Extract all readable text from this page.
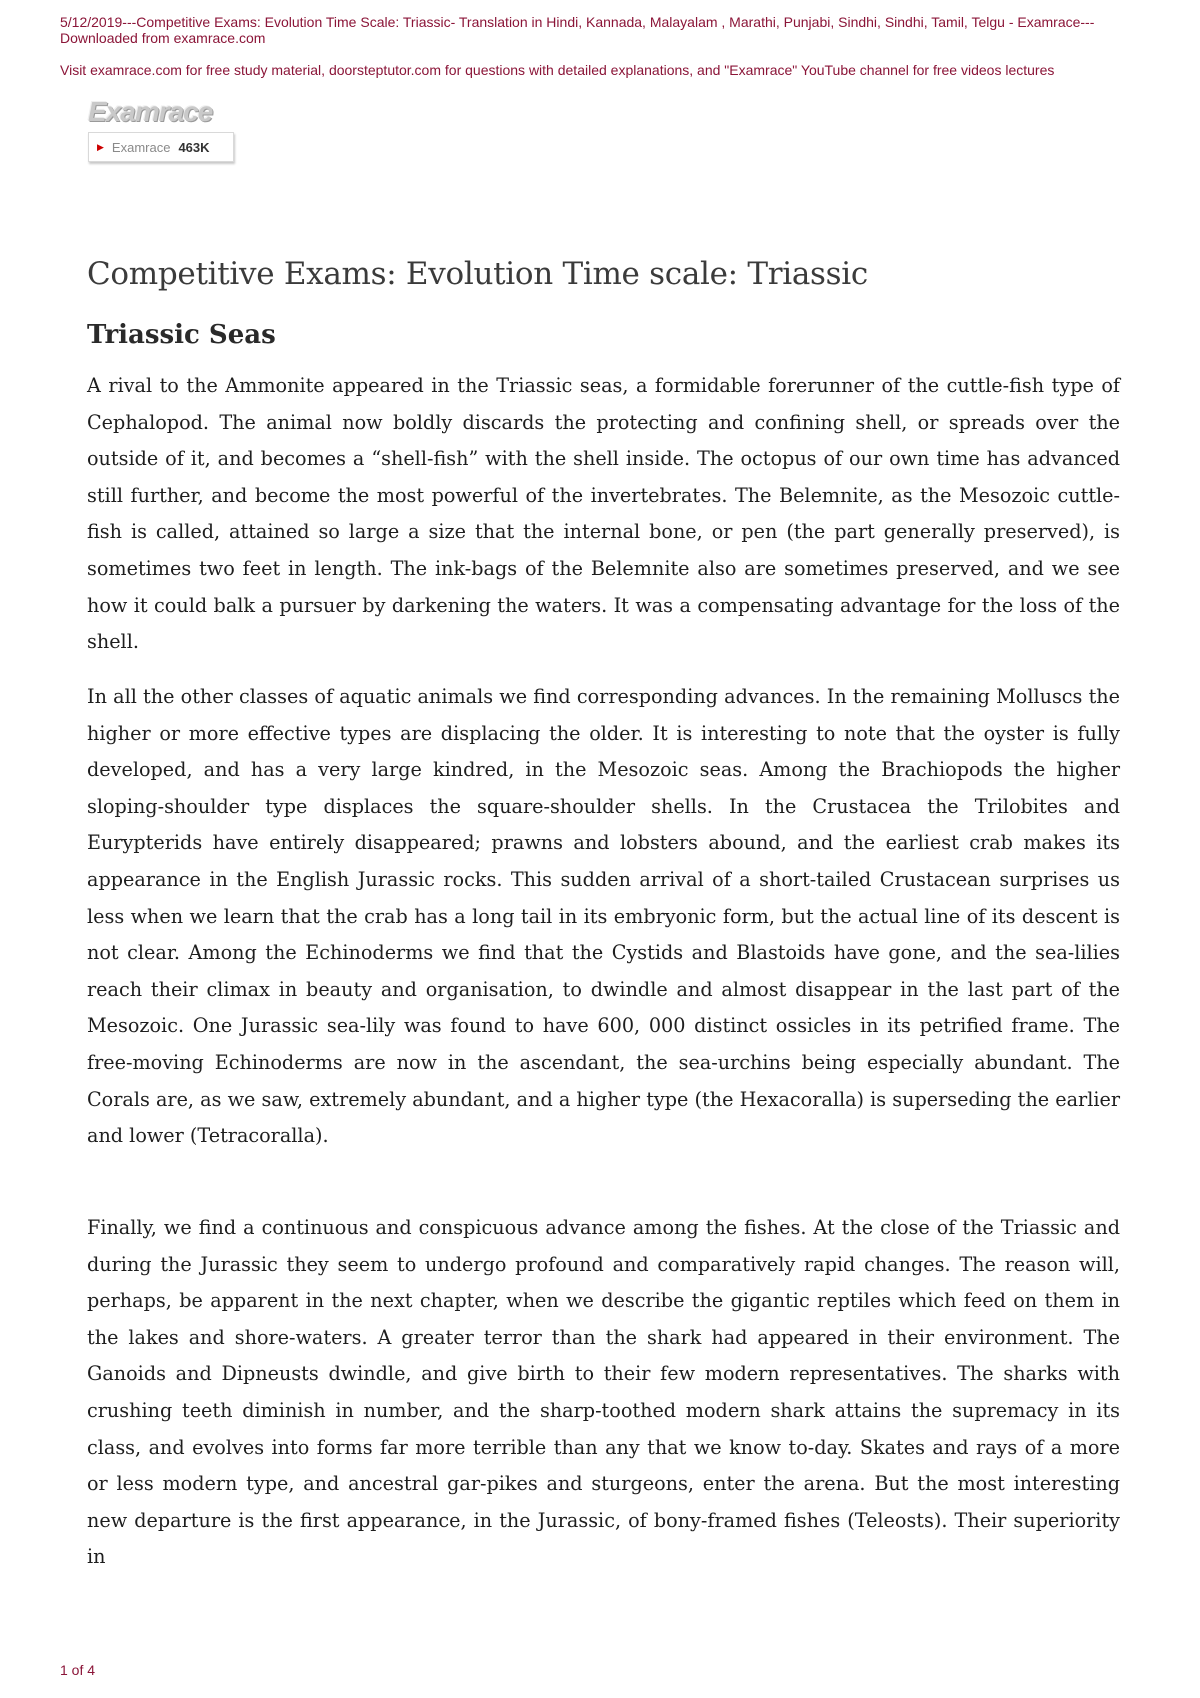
5/12/2019---Competitive Exams: Evolution Time Scale: Triassic- Translation in Hindi, Kannada, Malayalam , Marathi, Punjabi, Sindhi, Sindhi, Tamil, Telgu - Examrace---Downloaded from examrace.com

Visit examrace.com for free study material, doorsteptutor.com for questions with detailed explanations, and "Examrace" YouTube channel for free videos lectures

Examrace

▶ Examrace 463K
Competitive Exams: Evolution Time scale: Triassic
Triassic Seas

A rival to the Ammonite appeared in the Triassic seas, a formidable forerunner of the cuttle-fish type of Cephalopod. The animal now boldly discards the protecting and confining shell, or spreads over the outside of it, and becomes a “shell-fish” with the shell inside. The octopus of our own time has advanced still further, and become the most powerful of the invertebrates. The Belemnite, as the Mesozoic cuttle-fish is called, attained so large a size that the internal bone, or pen (the part generally preserved), is sometimes two feet in length. The ink-bags of the Belemnite also are sometimes preserved, and we see how it could balk a pursuer by darkening the waters. It was a compensating advantage for the loss of the shell.

In all the other classes of aquatic animals we find corresponding advances. In the remaining Molluscs the higher or more effective types are displacing the older. It is interesting to note that the oyster is fully developed, and has a very large kindred, in the Mesozoic seas. Among the Brachiopods the higher sloping-shoulder type displaces the square-shoulder shells. In the Crustacea the Trilobites and Eurypterids have entirely disappeared; prawns and lobsters abound, and the earliest crab makes its appearance in the English Jurassic rocks. This sudden arrival of a short-tailed Crustacean surprises us less when we learn that the crab has a long tail in its embryonic form, but the actual line of its descent is not clear. Among the Echinoderms we find that the Cystids and Blastoids have gone, and the sea-lilies reach their climax in beauty and organisation, to dwindle and almost disappear in the last part of the Mesozoic. One Jurassic sea-lily was found to have 600, 000 distinct ossicles in its petrified frame. The free-moving Echinoderms are now in the ascendant, the sea-urchins being especially abundant. The Corals are, as we saw, extremely abundant, and a higher type (the Hexacoralla) is superseding the earlier and lower (Tetracoralla).

Finally, we find a continuous and conspicuous advance among the fishes. At the close of the Triassic and during the Jurassic they seem to undergo profound and comparatively rapid changes. The reason will, perhaps, be apparent in the next chapter, when we describe the gigantic reptiles which feed on them in the lakes and shore-waters. A greater terror than the shark had appeared in their environment. The Ganoids and Dipneusts dwindle, and give birth to their few modern representatives. The sharks with crushing teeth diminish in number, and the sharp-toothed modern shark attains the supremacy in its class, and evolves into forms far more terrible than any that we know to-day. Skates and rays of a more or less modern type, and ancestral gar-pikes and sturgeons, enter the arena. But the most interesting new departure is the first appearance, in the Jurassic, of bony-framed fishes (Teleosts). Their superiority in

1 of 4
